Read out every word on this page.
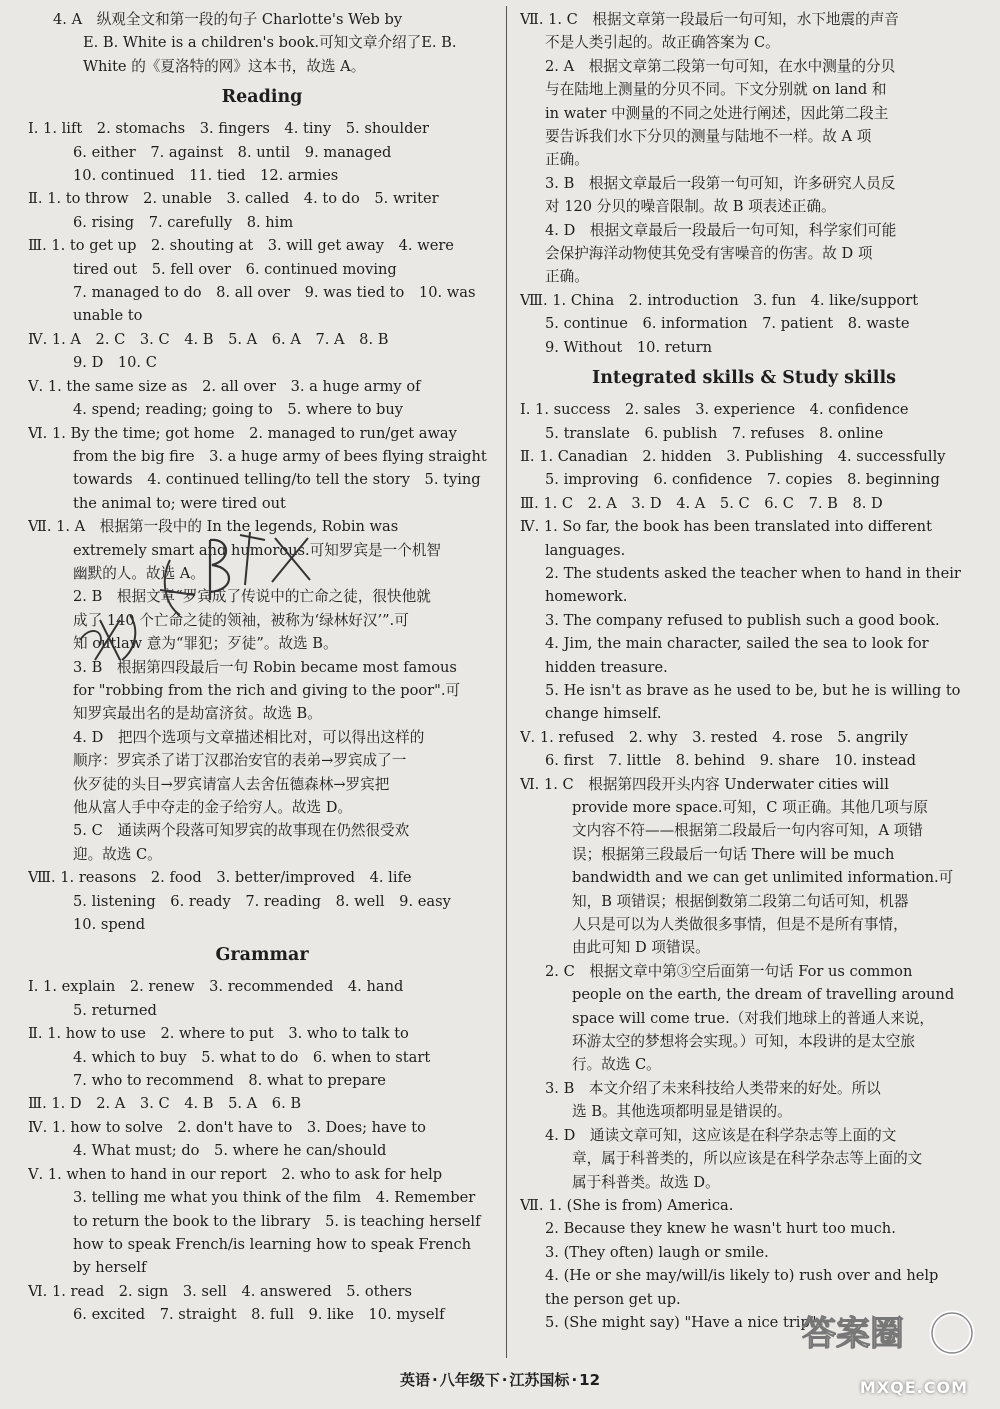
4. A　纵观全文和第一段的句子 Charlotte's Web by
E. B. White is a children's book.可知文章介绍了E. B.
White 的《夏洛特的网》这本书，故选 A。
Reading
Ⅰ. 1. lift　2. stomachs　3. fingers　4. tiny　5. shoulder
6. either　7. against　8. until　9. managed
10. continued　11. tied　12. armies
Ⅱ. 1. to throw　2. unable　3. called　4. to do　5. writer
6. rising　7. carefully　8. him
Ⅲ. 1. to get up　2. shouting at　3. will get away　4. were
tired out　5. fell over　6. continued moving
7. managed to do　8. all over　9. was tied to　10. was
unable to
Ⅳ. 1. A　2. C　3. C　4. B　5. A　6. A　7. A　8. B
9. D　10. C
Ⅴ. 1. the same size as　2. all over　3. a huge army of
4. spend; reading; going to　5. where to buy
Ⅵ. 1. By the time; got home　2. managed to run/get away
from the big fire　3. a huge army of bees flying straight
towards　4. continued telling/to tell the story　5. tying
the animal to; were tired out
Ⅶ. 1. A　根据第一段中的 In the legends, Robin was
extremely smart and humorous.可知罗宾是一个机智
幽默的人。故选 A。
2. B　根据文章“罗宾成了传说中的亡命之徒，很快他就
成了 140 个亡命之徒的领袖，被称为‘绿林好汉’”.可
知 outlaw 意为“罪犯；歹徒”。故选 B。
3. B　根据第四段最后一句 Robin became most famous
for "robbing from the rich and giving to the poor".可
知罗宾最出名的是劫富济贫。故选 B。
4. D　把四个选项与文章描述相比对，可以得出这样的
顺序：罗宾杀了诺丁汉郡治安官的表弟→罗宾成了一
伙歹徒的头目→罗宾请富人去舍伍德森林→罗宾把
他从富人手中夺走的金子给穷人。故选 D。
5. C　通读两个段落可知罗宾的故事现在仍然很受欢
迎。故选 C。
Ⅷ. 1. reasons　2. food　3. better/improved　4. life
5. listening　6. ready　7. reading　8. well　9. easy
10. spend
Grammar
Ⅰ. 1. explain　2. renew　3. recommended　4. hand
5. returned
Ⅱ. 1. how to use　2. where to put　3. who to talk to
4. which to buy　5. what to do　6. when to start
7. who to recommend　8. what to prepare
Ⅲ. 1. D　2. A　3. C　4. B　5. A　6. B
Ⅳ. 1. how to solve　2. don't have to　3. Does; have to
4. What must; do　5. where he can/should
Ⅴ. 1. when to hand in our report　2. who to ask for help
3. telling me what you think of the film　4. Remember
to return the book to the library　5. is teaching herself
how to speak French/is learning how to speak French
by herself
Ⅵ. 1. read　2. sign　3. sell　4. answered　5. others
6. excited　7. straight　8. full　9. like　10. myself
Ⅶ. 1. C　根据文章第一段最后一句可知，水下地震的声音
不是人类引起的。故正确答案为 C。
2. A　根据文章第二段第一句可知，在水中测量的分贝
与在陆地上测量的分贝不同。下文分别就 on land 和
in water 中测量的不同之处进行阐述，因此第二段主
要告诉我们水下分贝的测量与陆地不一样。故 A 项
正确。
3. B　根据文章最后一段第一句可知，许多研究人员反
对 120 分贝的噪音限制。故 B 项表述正确。
4. D　根据文章最后一段最后一句可知，科学家们可能
会保护海洋动物使其免受有害噪音的伤害。故 D 项
正确。
Ⅷ. 1. China　2. introduction　3. fun　4. like/support
5. continue　6. information　7. patient　8. waste
9. Without　10. return
Integrated skills & Study skills
Ⅰ. 1. success　2. sales　3. experience　4. confidence
5. translate　6. publish　7. refuses　8. online
Ⅱ. 1. Canadian　2. hidden　3. Publishing　4. successfully
5. improving　6. confidence　7. copies　8. beginning
Ⅲ. 1. C　2. A　3. D　4. A　5. C　6. C　7. B　8. D
Ⅳ. 1. So far, the book has been translated into different
languages.
2. The students asked the teacher when to hand in their
homework.
3. The company refused to publish such a good book.
4. Jim, the main character, sailed the sea to look for
hidden treasure.
5. He isn't as brave as he used to be, but he is willing to
change himself.
Ⅴ. 1. refused　2. why　3. rested　4. rose　5. angrily
6. first　7. little　8. behind　9. share　10. instead
Ⅵ. 1. C　根据第四段开头内容 Underwater cities will
provide more space.可知，C 项正确。其他几项与原
文内容不符——根据第二段最后一句内容可知，A 项错
误；根据第三段最后一句话 There will be much
bandwidth and we can get unlimited information.可
知，B 项错误；根据倒数第二段第二句话可知，机器
人只是可以为人类做很多事情，但是不是所有事情，
由此可知 D 项错误。
2. C　根据文章中第③空后面第一句话 For us common
people on the earth, the dream of travelling around
space will come true.（对我们地球上的普通人来说，
环游太空的梦想将会实现。）可知，本段讲的是太空旅
行。故选 C。
3. B　本文介绍了未来科技给人类带来的好处。所以
选 B。其他选项都明显是错误的。
4. D　通读文章可知，这应该是在科学杂志等上面的文
章，属于科普类的，所以应该是在科学杂志等上面的文
属于科普类。故选 D。
Ⅶ. 1. (She is from) America.
2. Because they knew he wasn't hurt too much.
3. (They often) laugh or smile.
4. (He or she may/will/is likely to) rush over and help
the person get up.
5. (She might say) "Have a nice trip".
英语 · 八年级下 · 江苏国标 · 12
答案圈
MXQE.COM
